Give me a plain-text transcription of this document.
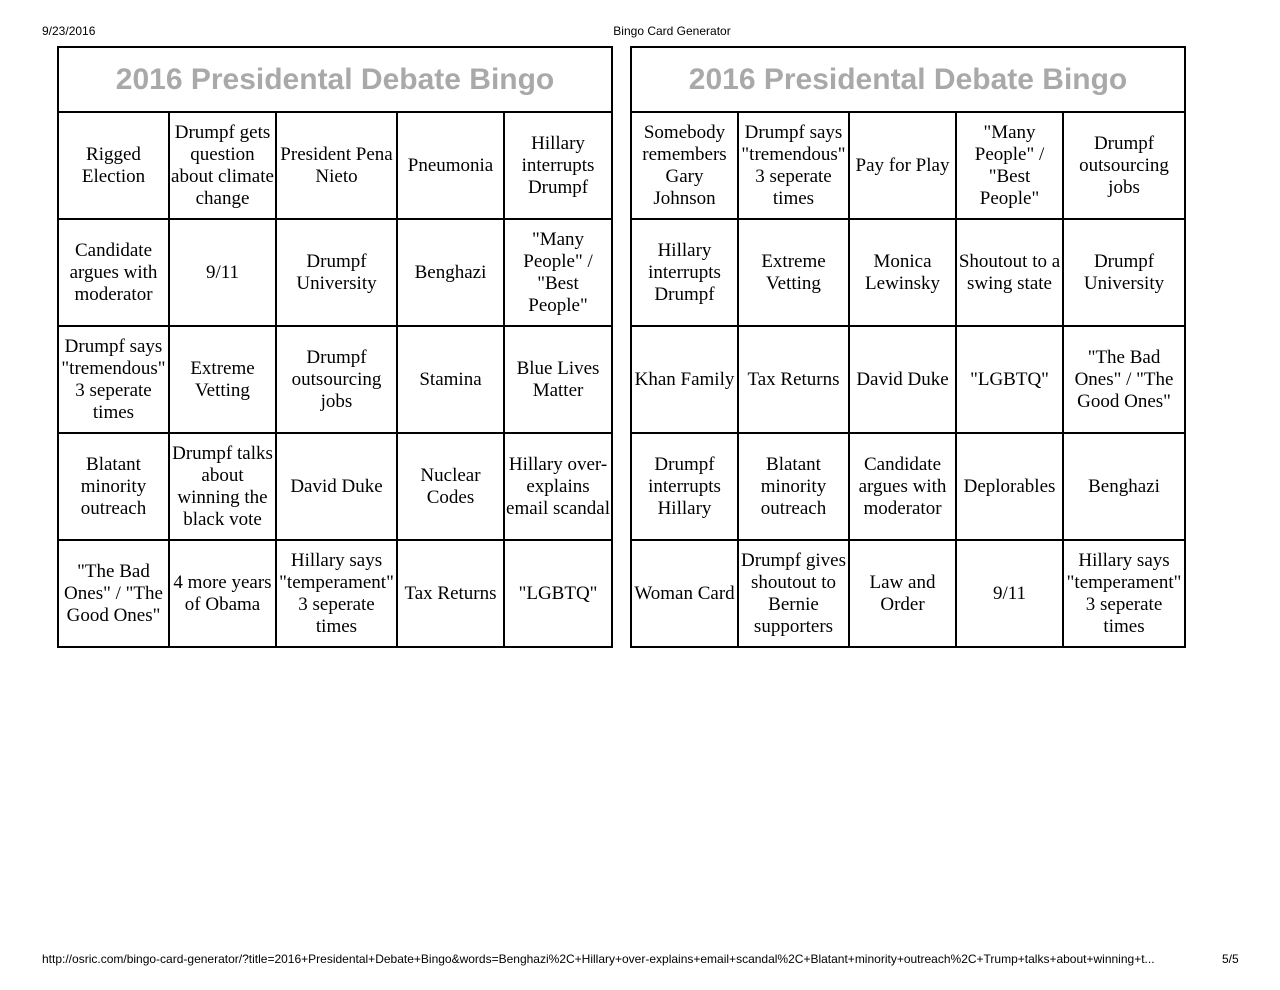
9/23/2016	Bingo Card Generator
2016 Presidental Debate Bingo				
Rigged Election	Drumpf gets question about climate change	President Pena Nieto	Pneumonia	Hillary interrupts Drumpf
Candidate argues with moderator	9/11	Drumpf University	Benghazi	"Many People" / "Best People"
Drumpf says "tremendous" 3 seperate times	Extreme Vetting	Drumpf outsourcing jobs	Stamina	Blue Lives Matter
Blatant minority outreach	Drumpf talks about winning the black vote	David Duke	Nuclear Codes	Hillary over-explains email scandal
"The Bad Ones" / "The Good Ones"	4 more years of Obama	Hillary says "temperament" 3 seperate times	Tax Returns	"LGBTQ"
2016 Presidental Debate Bingo				
Somebody remembers Gary Johnson	Drumpf says "tremendous" 3 seperate times	Pay for Play	"Many People" / "Best People"	Drumpf outsourcing jobs
Hillary interrupts Drumpf	Extreme Vetting	Monica Lewinsky	Shoutout to a swing state	Drumpf University
Khan Family	Tax Returns	David Duke	"LGBTQ"	"The Bad Ones" / "The Good Ones"
Drumpf interrupts Hillary	Blatant minority outreach	Candidate argues with moderator	Deplorables	Benghazi
Woman Card	Drumpf gives shoutout to Bernie supporters	Law and Order	9/11	Hillary says "temperament" 3 seperate times
http://osric.com/bingo-card-generator/?title=2016+Presidental+Debate+Bingo&words=Benghazi%2C+Hillary+over-explains+email+scandal%2C+Blatant+minority+outreach%2C+Trump+talks+about+winning+t...	5/5
